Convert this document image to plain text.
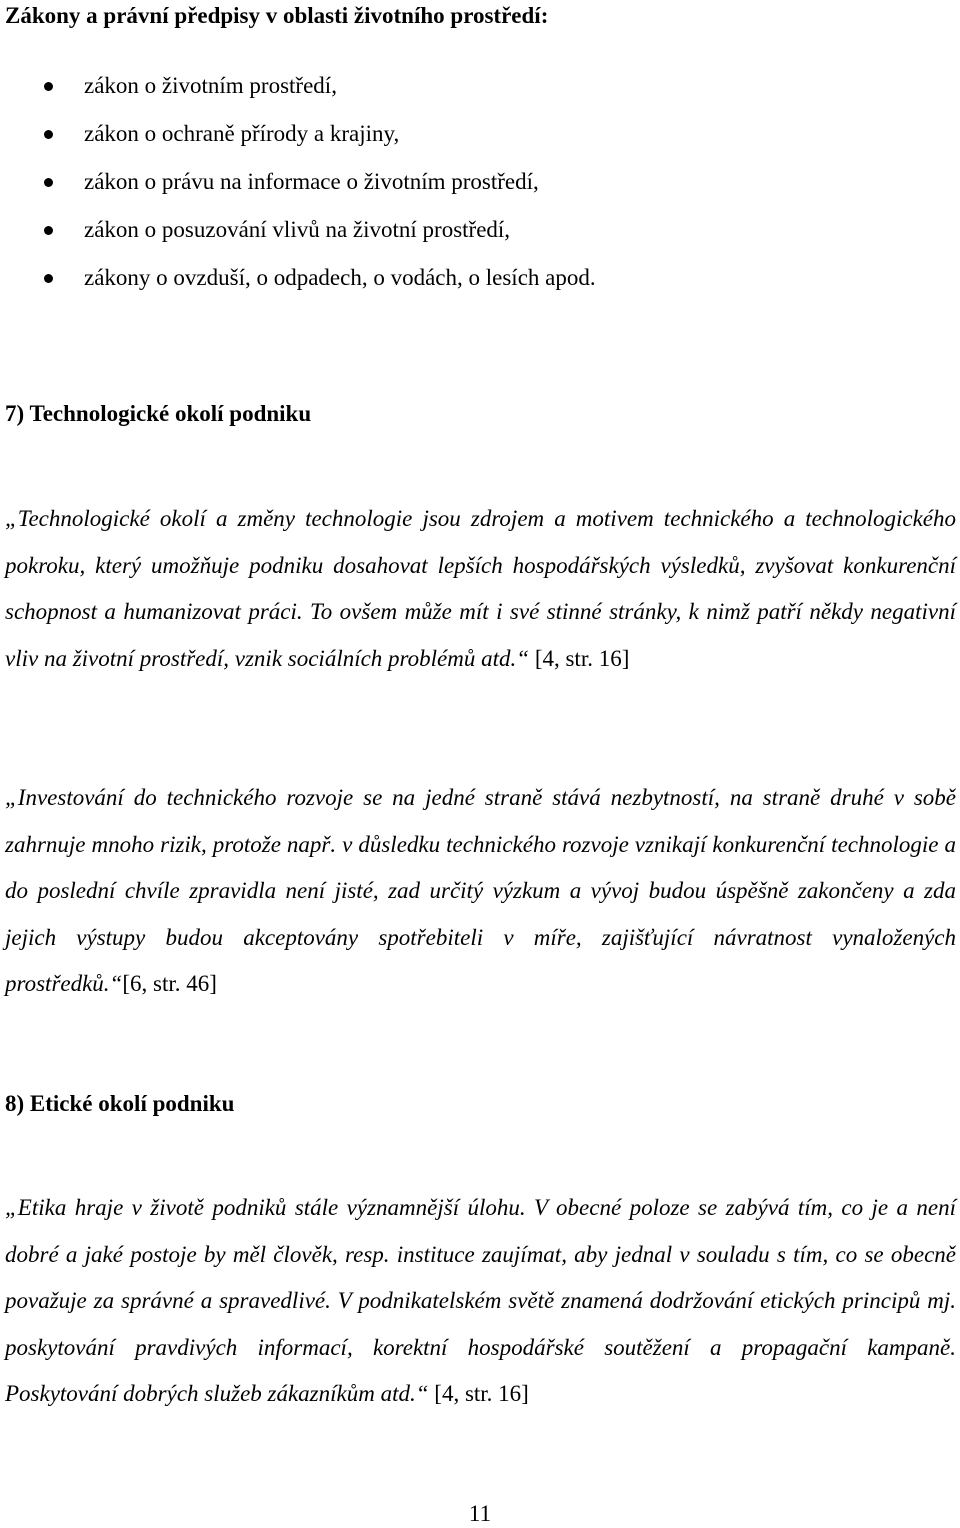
Zákony a právní předpisy v oblasti životního prostředí:
zákon o životním prostředí,
zákon o ochraně přírody a krajiny,
zákon o právu na informace o životním prostředí,
zákon o posuzování vlivů na životní prostředí,
zákony o ovzduší, o odpadech, o vodách, o lesích apod.
7) Technologické okolí podniku

„Technologické okolí a změny technologie jsou zdrojem a motivem technického a technologického pokroku, který umožňuje podniku dosahovat lepších hospodářských výsledků, zvyšovat konkurenční schopnost a humanizovat práci. To ovšem může mít i své stinné stránky, k nimž patří někdy negativní vliv na životní prostředí, vznik sociálních problémů atd.“ [4, str. 16]

„Investování do technického rozvoje se na jedné straně stává nezbytností, na straně druhé v sobě zahrnuje mnoho rizik, protože např. v důsledku technického rozvoje vznikají konkurenční technologie a do poslední chvíle zpravidla není jisté, zad určitý výzkum a vývoj budou úspěšně zakončeny a zda jejich výstupy budou akceptovány spotřebiteli v míře, zajišťující návratnost vynaložených prostředků.“[6, str. 46]

8) Etické okolí podniku

„Etika hraje v životě podniků stále významnější úlohu. V obecné poloze se zabývá tím, co je a není dobré a jaké postoje by měl člověk, resp. instituce zaujímat, aby jednal v souladu s tím, co se obecně považuje za správné a spravedlivé. V podnikatelském světě znamená dodržování etických principů mj. poskytování pravdivých informací, korektní hospodářské soutěžení a propagační kampaně. Poskytování dobrých služeb zákazníkům atd.“ [4, str. 16]

11
